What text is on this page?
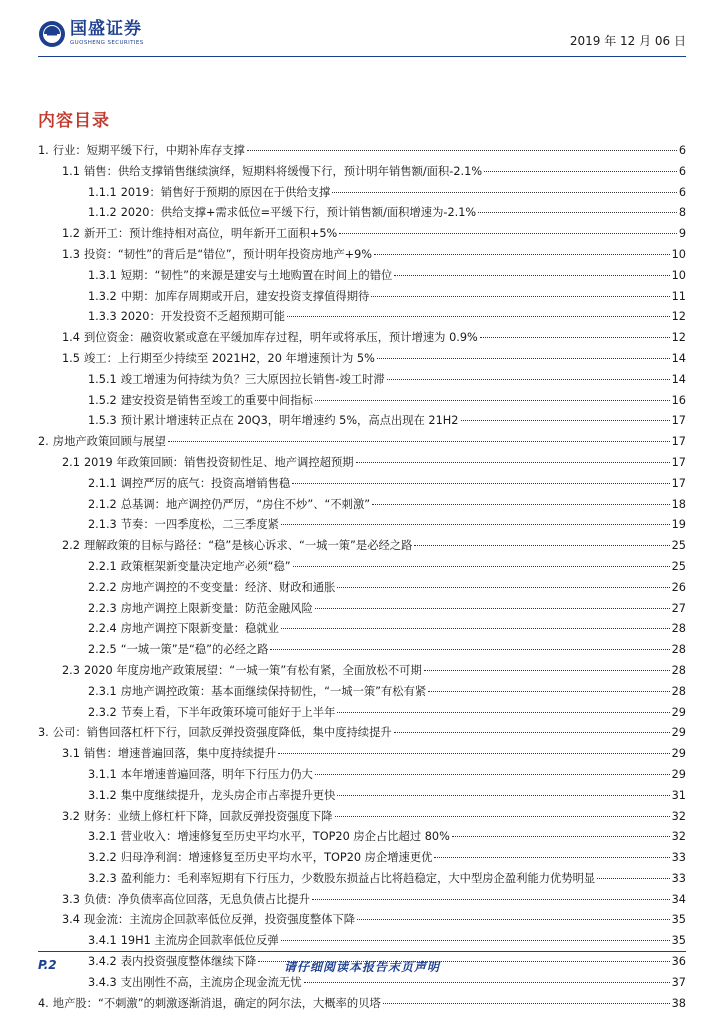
国盛证券
GUOSHENG SECURITIES	2019 年 12 月 06 日
内容目录
1. 行业：短期平缓下行，中期补库存支撑	6
1.1 销售：供给支撑销售继续演绎，短期料将缓慢下行，预计明年销售额/面积-2.1%	6
1.1.1 2019：销售好于预期的原因在于供给支撑	6
1.1.2 2020：供给支撑+需求低位=平缓下行，预计销售额/面积增速为-2.1%	8
1.2 新开工：预计维持相对高位，明年新开工面积+5%	9
1.3 投资：“韧性”的背后是“错位”，预计明年投资房地产+9%	10
1.3.1 短期：“韧性”的来源是建安与土地购置在时间上的错位	10
1.3.2 中期：加库存周期或开启，建安投资支撑值得期待	11
1.3.3 2020：开发投资不乏超预期可能	12
1.4 到位资金：融资收紧或意在平缓加库存过程，明年或将承压，预计增速为 0.9%	12
1.5 竣工：上行期至少持续至 2021H2，20 年增速预计为 5%	14
1.5.1 竣工增速为何持续为负？三大原因拉长销售-竣工时滞	14
1.5.2 建安投资是销售至竣工的重要中间指标	16
1.5.3 预计累计增速转正点在 20Q3，明年增速约 5%，高点出现在 21H2	17
2. 房地产政策回顾与展望	17
2.1 2019 年政策回顾：销售投资韧性足、地产调控超预期	17
2.1.1 调控严厉的底气：投资高增销售稳	17
2.1.2 总基调：地产调控仍严厉，“房住不炒”、“不刺激”	18
2.1.3 节奏：一四季度松，二三季度紧	19
2.2 理解政策的目标与路径：“稳”是核心诉求、“一城一策”是必经之路	25
2.2.1 政策框架新变量决定地产必须“稳”	25
2.2.2 房地产调控的不变变量：经济、财政和通胀	26
2.2.3 房地产调控上限新变量：防范金融风险	27
2.2.4 房地产调控下限新变量：稳就业	28
2.2.5 “一城一策”是“稳”的必经之路	28
2.3 2020 年度房地产政策展望：“一城一策”有松有紧，全面放松不可期	28
2.3.1 房地产调控政策：基本面继续保持韧性，“一城一策”有松有紧	28
2.3.2 节奏上看，下半年政策环境可能好于上半年	29
3. 公司：销售回落杠杆下行，回款反弹投资强度降低，集中度持续提升	29
3.1 销售：增速普遍回落，集中度持续提升	29
3.1.1 本年增速普遍回落，明年下行压力仍大	29
3.1.2 集中度继续提升，龙头房企市占率提升更快	31
3.2 财务：业绩上修杠杆下降，回款反弹投资强度下降	32
3.2.1 营业收入：增速修复至历史平均水平，TOP20 房企占比超过 80%	32
3.2.2 归母净利润：增速修复至历史平均水平，TOP20 房企增速更优	33
3.2.3 盈利能力：毛利率短期有下行压力，少数股东损益占比将趋稳定，大中型房企盈利能力优势明显	33
3.3 负债：净负债率高位回落，无息负债占比提升	34
3.4 现金流：主流房企回款率低位反弹，投资强度整体下降	35
3.4.1 19H1 主流房企回款率低位反弹	35
3.4.2 表内投资强度整体继续下降	36
3.4.3 支出刚性不高，主流房企现金流无忧	37
4. 地产股：“不刺激”的刺激逐渐消退，确定的阿尔法，大概率的贝塔	38
请仔细阅读本报告末页声明
P.2
